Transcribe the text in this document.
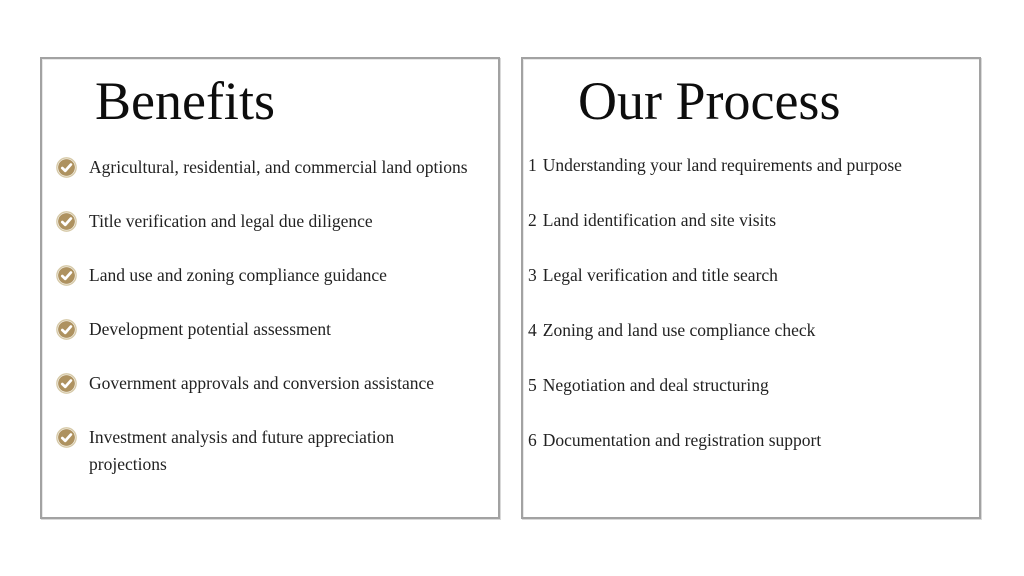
Benefits
Agricultural, residential, and commercial land options
Title verification and legal due diligence
Land use and zoning compliance guidance
Development potential assessment
Government approvals and conversion assistance
Investment analysis and future appreciation projections
Our Process
1 Understanding your land requirements and purpose
2 Land identification and site visits
3 Legal verification and title search
4 Zoning and land use compliance check
5 Negotiation and deal structuring
6 Documentation and registration support
